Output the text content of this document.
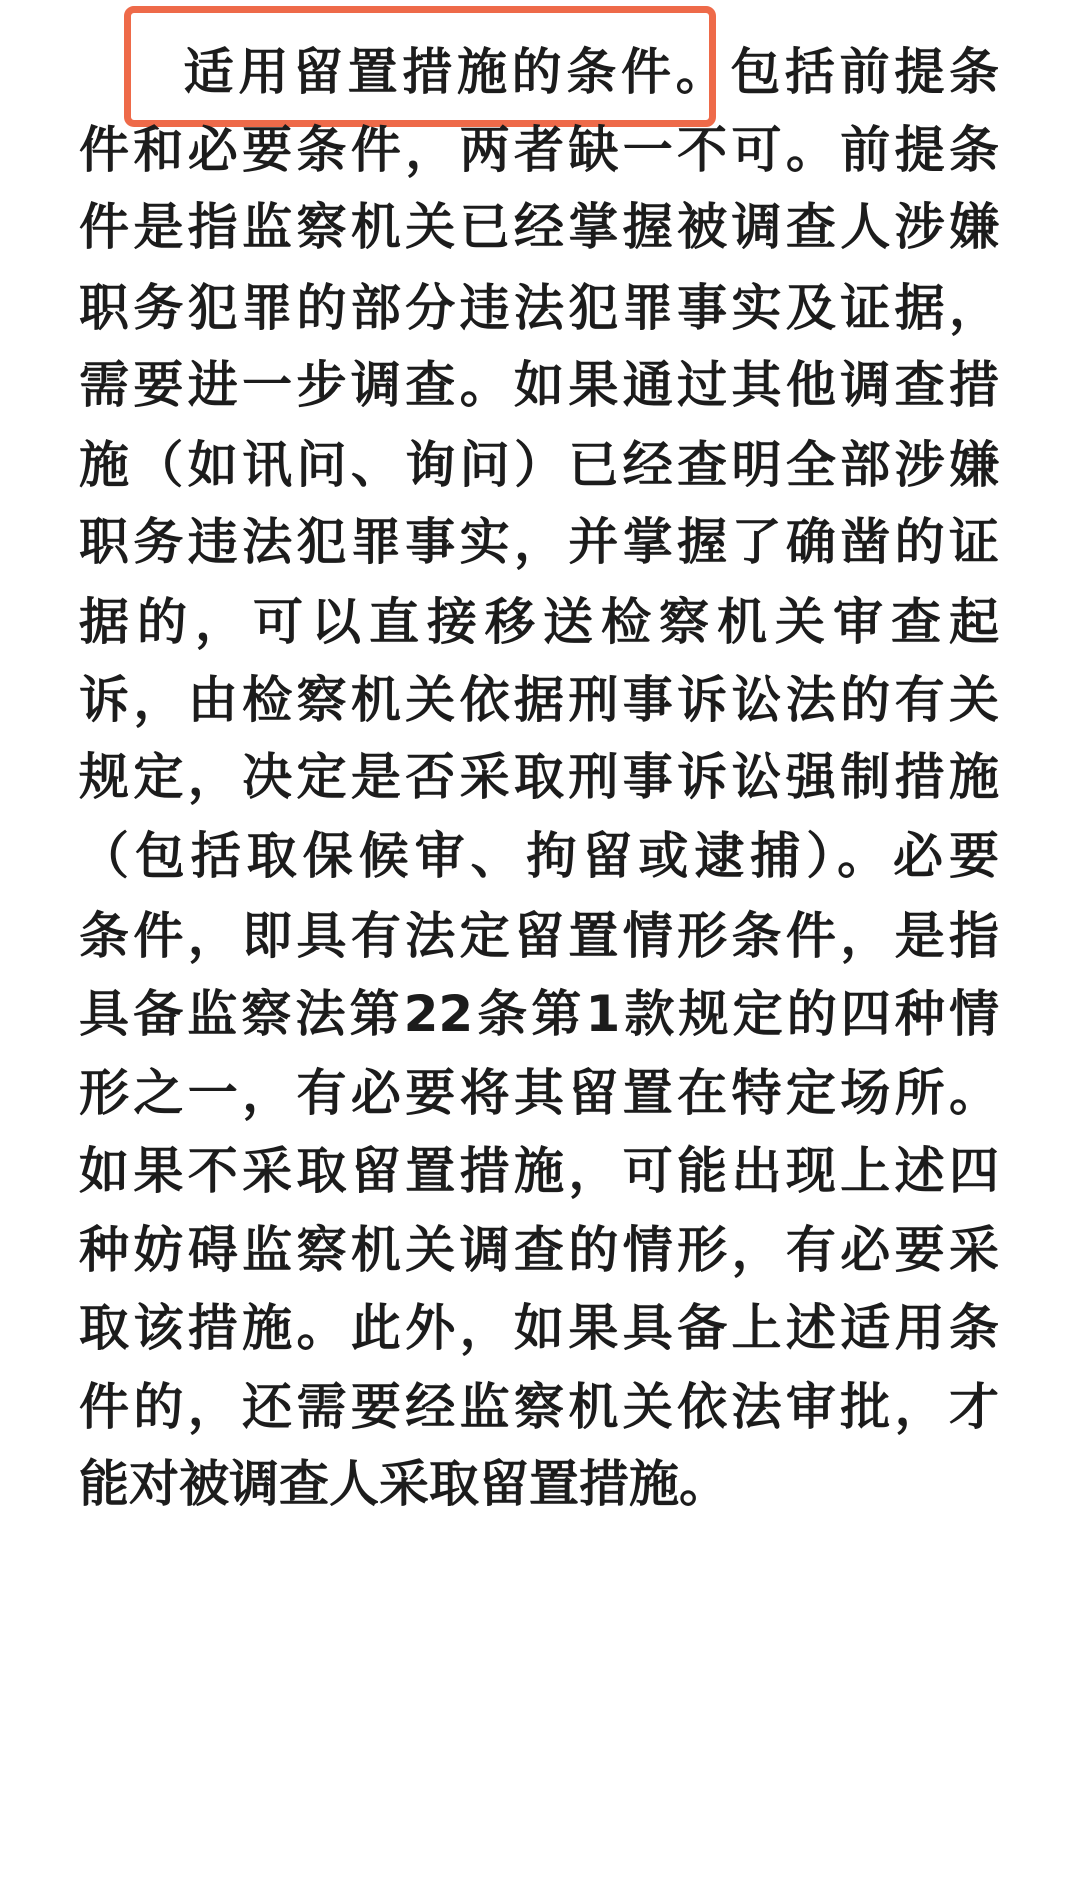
适用留置措施的条件。包括前提条
件和必要条件，两者缺一不可。前提条
件是指监察机关已经掌握被调查人涉嫌
职务犯罪的部分违法犯罪事实及证据，
需要进一步调查。如果通过其他调查措
施（如讯问、询问）已经查明全部涉嫌
职务违法犯罪事实，并掌握了确凿的证
据的，可以直接移送检察机关审查起
诉，由检察机关依据刑事诉讼法的有关
规定，决定是否采取刑事诉讼强制措施
（包括取保候审、拘留或逮捕）。必要
条件，即具有法定留置情形条件，是指
具备监察法第22条第1款规定的四种情
形之一，有必要将其留置在特定场所。
如果不采取留置措施，可能出现上述四
种妨碍监察机关调查的情形，有必要采
取该措施。此外，如果具备上述适用条
件的，还需要经监察机关依法审批，才
能对被调查人采取留置措施。
